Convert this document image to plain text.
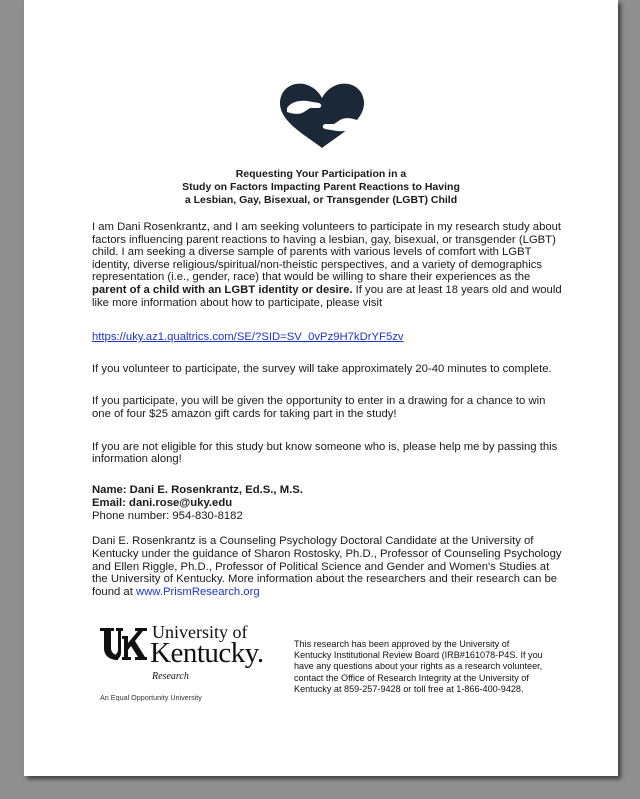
Requesting Your Participation in a
Study on Factors Impacting Parent Reactions to Having
a Lesbian, Gay, Bisexual, or Transgender (LGBT) Child

I am Dani Rosenkrantz, and I am seeking volunteers to participate in my research study about factors influencing parent reactions to having a lesbian, gay, bisexual, or transgender (LGBT) child. I am seeking a diverse sample of parents with various levels of comfort with LGBT identity, diverse religious/spiritual/non-theistic perspectives, and a variety of demographics representation (i.e., gender, race) that would be willing to share their experiences as the parent of a child with an LGBT identity or desire. If you are at least 18 years old and would like more information about how to participate, please visit

https://uky.az1.qualtrics.com/SE/?SID=SV_0vPz9H7kDrYF5zv

If you volunteer to participate, the survey will take approximately 20-40 minutes to complete.

If you participate, you will be given the opportunity to enter in a drawing for a chance to win one of four $25 amazon gift cards for taking part in the study!

If you are not eligible for this study but know someone who is, please help me by passing this information along!

Name: Dani E. Rosenkrantz, Ed.S., M.S.
Email: dani.rose@uky.edu
Phone number: 954-830-8182

Dani E. Rosenkrantz is a Counseling Psychology Doctoral Candidate at the University of Kentucky under the guidance of Sharon Rostosky, Ph.D., Professor of Counseling Psychology and Ellen Riggle, Ph.D., Professor of Political Science and Gender and Women's Studies at the University of Kentucky. More information about the researchers and their research can be found at www.PrismResearch.org

University of
Kentucky.
Research
An Equal Opportunity University
This research has been approved by the University of Kentucky Institutional Review Board (IRB#161078-P4S. If you have any questions about your rights as a research volunteer, contact the Office of Research Integrity at the University of Kentucky at 859-257-9428 or toll free at 1-866-400-9428.
